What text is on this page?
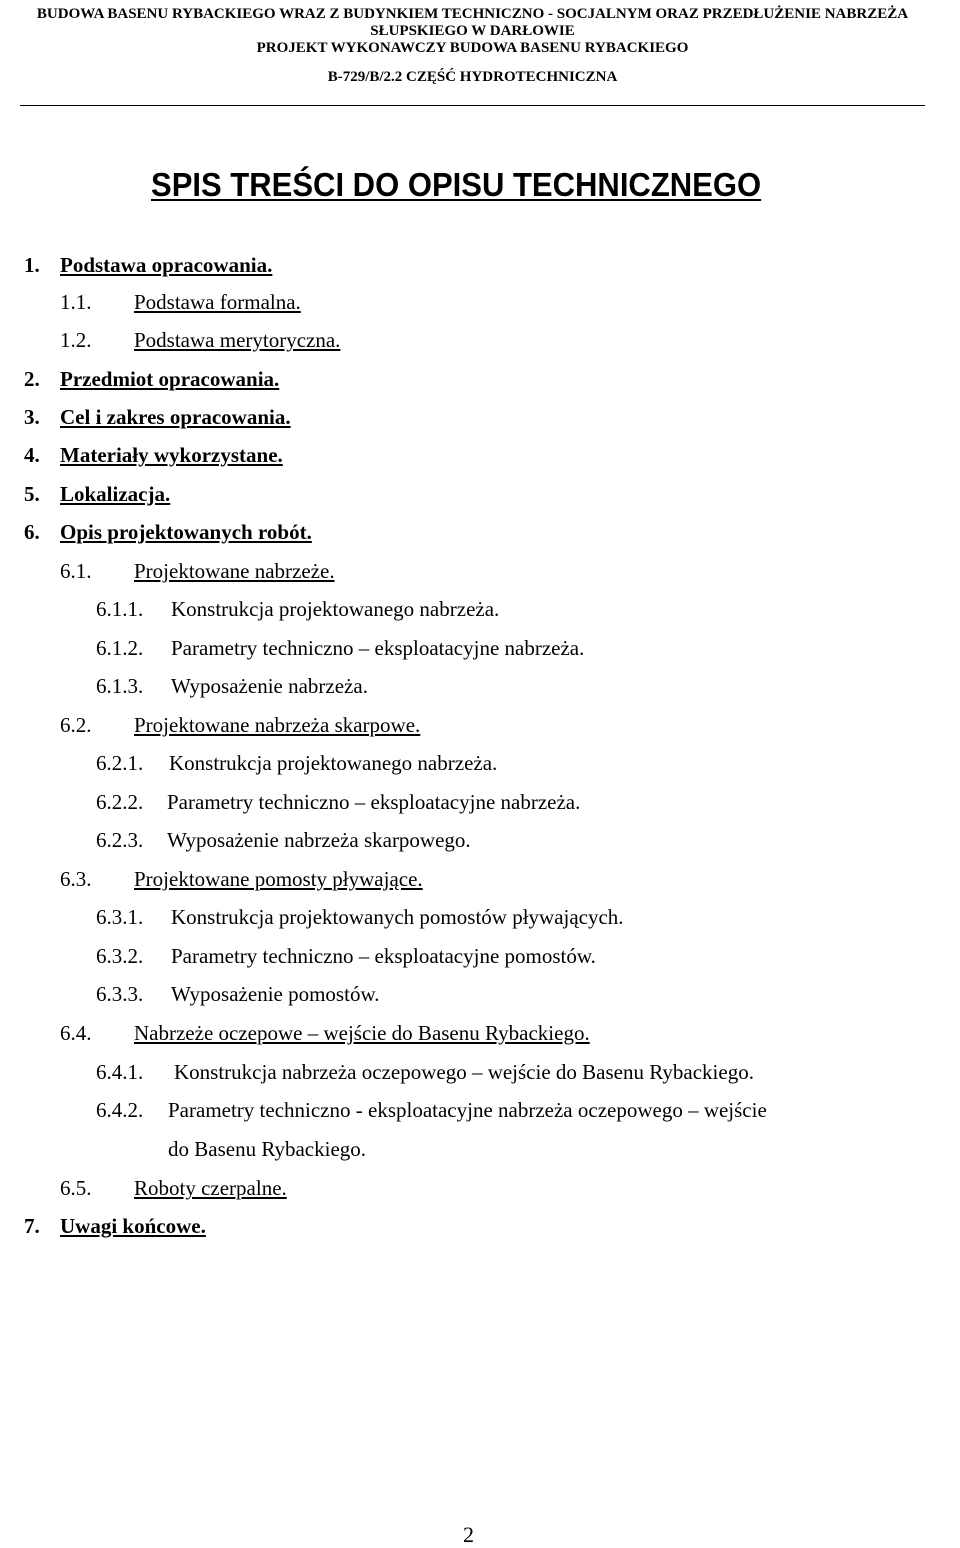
BUDOWA BASENU RYBACKIEGO WRAZ Z BUDYNKIEM TECHNICZNO - SOCJALNYM ORAZ PRZEDŁUŻENIE NABRZEŻA
SŁUPSKIEGO W DARŁOWIE
PROJEKT WYKONAWCZY BUDOWA BASENU RYBACKIEGO
B-729/B/2.2 CZĘŚĆ HYDROTECHNICZNA
SPIS TREŚCI DO OPISU TECHNICZNEGO
1. Podstawa opracowania.
1.1. Podstawa formalna.
1.2. Podstawa merytoryczna.
2. Przedmiot opracowania.
3. Cel i zakres opracowania.
4. Materiały wykorzystane.
5. Lokalizacja.
6. Opis projektowanych robót.
6.1. Projektowane nabrzeże.
6.1.1. Konstrukcja projektowanego nabrzeża.
6.1.2. Parametry techniczno – eksploatacyjne nabrzeża.
6.1.3. Wyposażenie nabrzeża.
6.2. Projektowane nabrzeża skarpowe.
6.2.1. Konstrukcja projektowanego nabrzeża.
6.2.2. Parametry techniczno – eksploatacyjne nabrzeża.
6.2.3. Wyposażenie nabrzeża skarpowego.
6.3. Projektowane pomosty pływające.
6.3.1. Konstrukcja projektowanych pomostów pływających.
6.3.2. Parametry techniczno – eksploatacyjne pomostów.
6.3.3. Wyposażenie pomostów.
6.4. Nabrzeże oczepowe – wejście do Basenu Rybackiego.
6.4.1. Konstrukcja nabrzeża oczepowego – wejście do Basenu Rybackiego.
6.4.2. Parametry techniczno - eksploatacyjne nabrzeża oczepowego – wejście
do Basenu Rybackiego.
6.5. Roboty czerpalne.
7. Uwagi końcowe.
2
